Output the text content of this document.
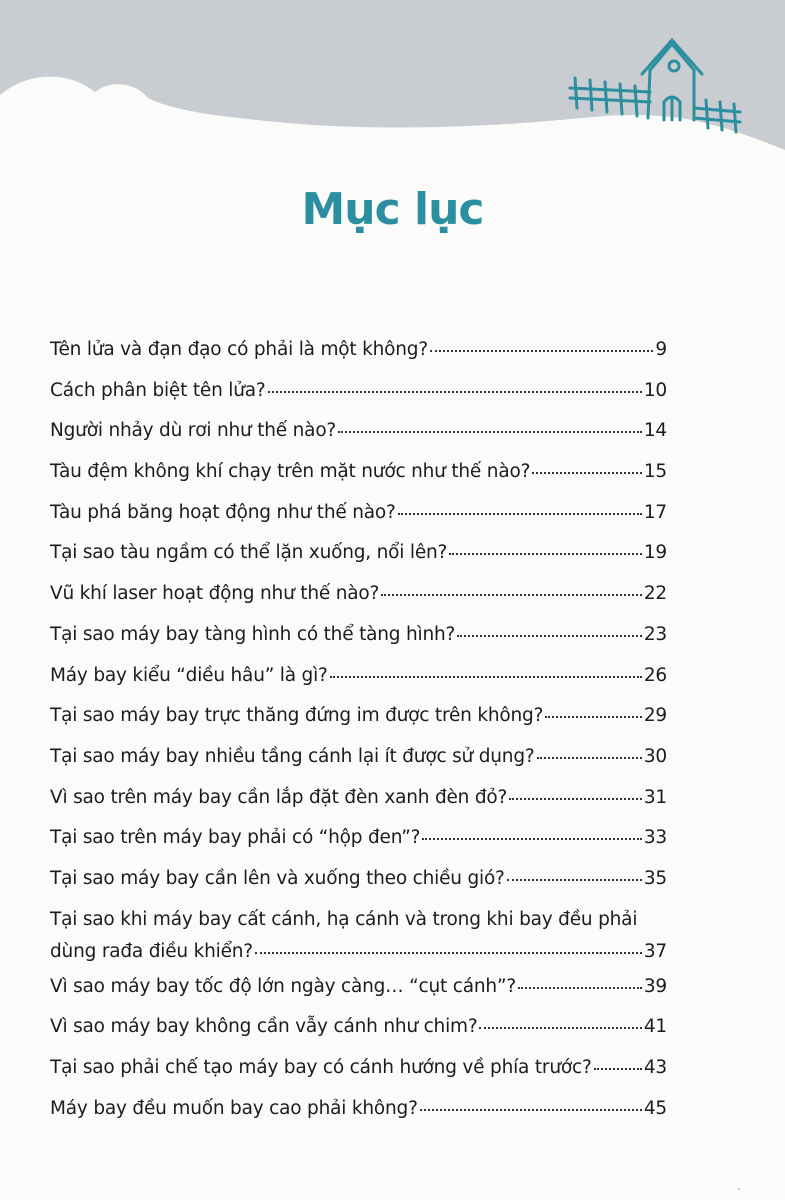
Mục lục
Tên lửa và đạn đạo có phải là một không?	9
Cách phân biệt tên lửa?	10
Người nhảy dù rơi như thế nào?	14
Tàu đệm không khí chạy trên mặt nước như thế nào?	15
Tàu phá băng hoạt động như thế nào?	17
Tại sao tàu ngầm có thể lặn xuống, nổi lên?	19
Vũ khí laser hoạt động như thế nào?	22
Tại sao máy bay tàng hình có thể tàng hình?	23
Máy bay kiểu “diều hâu” là gì?	26
Tại sao máy bay trực thăng đứng im được trên không?	29
Tại sao máy bay nhiều tầng cánh lại ít được sử dụng?	30
Vì sao trên máy bay cần lắp đặt đèn xanh đèn đỏ?	31
Tại sao trên máy bay phải có “hộp đen”?	33
Tại sao máy bay cần lên và xuống theo chiều gió?	35
Tại sao khi máy bay cất cánh, hạ cánh và trong khi bay đều phải
dùng rađa điều khiển?	37
Vì sao máy bay tốc độ lớn ngày càng… “cụt cánh”?	39
Vì sao máy bay không cần vẫy cánh như chim?	41
Tại sao phải chế tạo máy bay có cánh hướng về phía trước?	43
Máy bay đều muốn bay cao phải không?	45
